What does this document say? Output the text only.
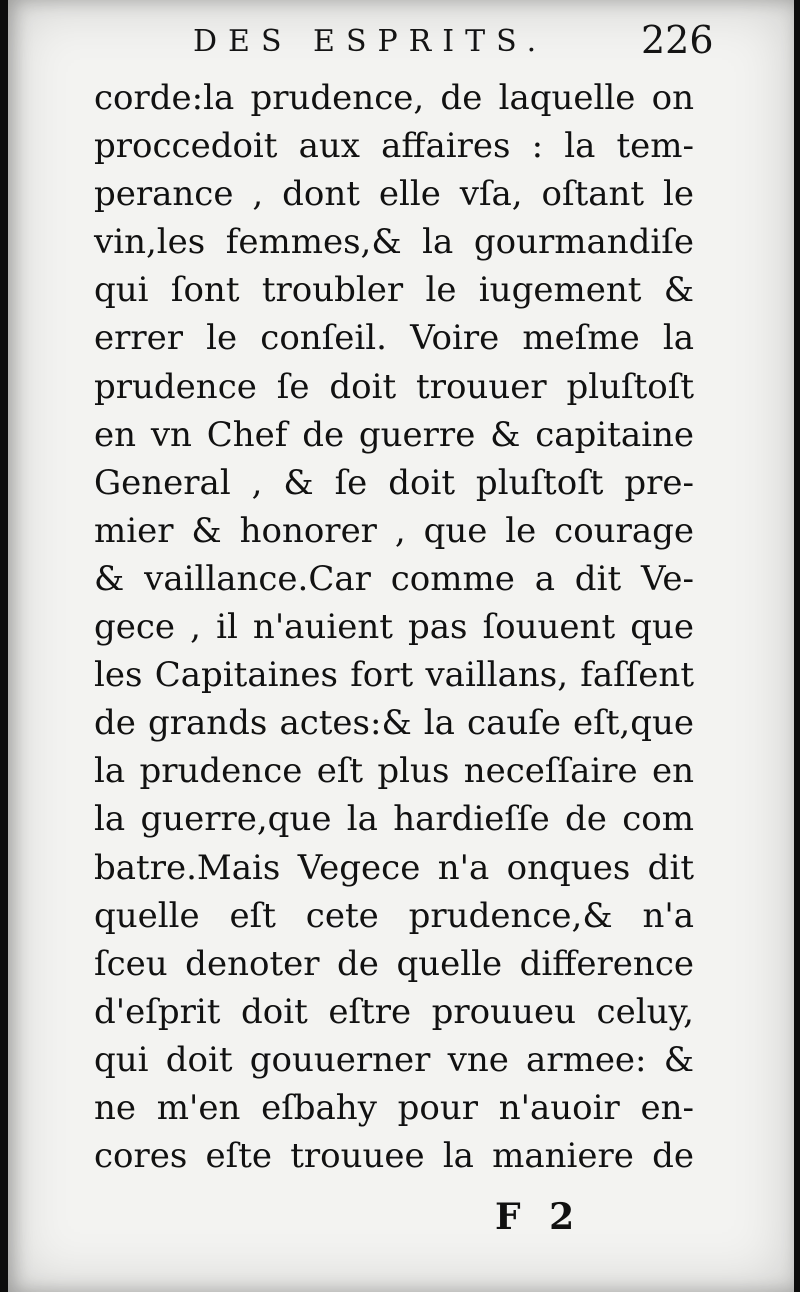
DES ESPRITS. 226
corde:la prudence, de laquelle on
proccedoit aux affaires : la tem-
perance , dont elle vſa, oſtant le
vin,les femmes,& la gourmandiſe
qui ſont troubler le iugement &
errer le conſeil. Voire meſme la
prudence ſe doit trouuer pluſtoſt
en vn Chef de guerre & capitaine
General , & ſe doit pluſtoſt pre-
mier & honorer , que le courage
& vaillance.Car comme a dit Ve-
gece , il n'auient pas ſouuent que
les Capitaines fort vaillans, faſſent
de grands actes:& la cauſe eſt,que
la prudence eſt plus neceſſaire en
la guerre,que la hardieſſe de com
batre.Mais Vegece n'a onques dit
quelle eſt cete prudence,& n'a
ſceu denoter de quelle difference
d'eſprit doit eſtre prouueu celuy,
qui doit gouuerner vne armee: &
ne m'en eſbahy pour n'auoir en-
cores eſte trouuee la maniere de
F 2
